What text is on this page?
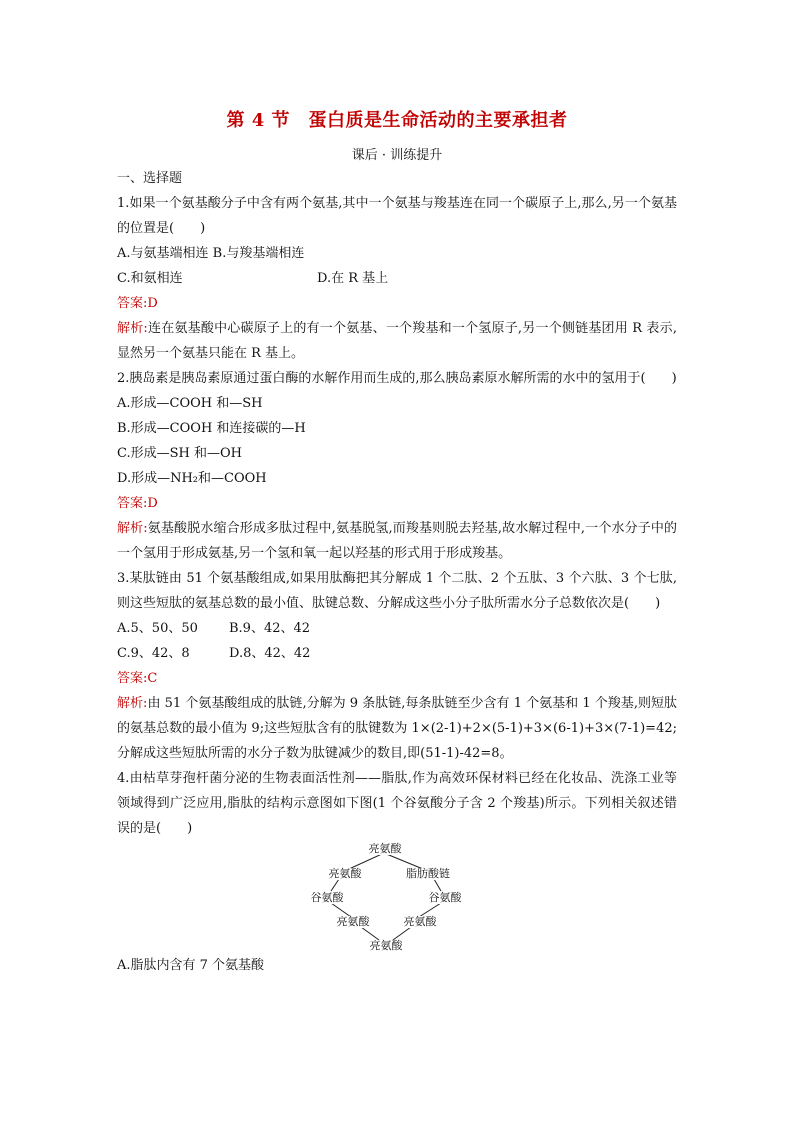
第 4 节　蛋白质是生命活动的主要承担者
课后 · 训练提升
一、选择题
1.如果一个氨基酸分子中含有两个氨基,其中一个氨基与羧基连在同一个碳原子上,那么,另一个氨基的位置是(　　)
A.与氨基端相连
B.与羧基端相连
C.和氨相连	D.在 R 基上
答案:D
解析:连在氨基酸中心碳原子上的有一个氨基、一个羧基和一个氢原子,另一个侧链基团用 R 表示,显然另一个氨基只能在 R 基上。
2.胰岛素是胰岛素原通过蛋白酶的水解作用而生成的,那么胰岛素原水解所需的水中的氢用于(　　)
A.形成—COOH 和—SH
B.形成—COOH 和连接碳的—H
C.形成—SH 和—OH
D.形成—NH₂和—COOH
答案:D
解析:氨基酸脱水缩合形成多肽过程中,氨基脱氢,而羧基则脱去羟基,故水解过程中,一个水分子中的一个氢用于形成氨基,另一个氢和氧一起以羟基的形式用于形成羧基。
3.某肽链由 51 个氨基酸组成,如果用肽酶把其分解成 1 个二肽、2 个五肽、3 个六肽、3 个七肽,则这些短肽的氨基总数的最小值、肽键总数、分解成这些小分子肽所需水分子总数依次是(　　)
A.5、50、50	B.9、42、42
C.9、42、8	D.8、42、42
答案:C
解析:由 51 个氨基酸组成的肽链,分解为 9 条肽链,每条肽链至少含有 1 个氨基和 1 个羧基,则短肽的氨基总数的最小值为 9;这些短肽含有的肽键数为 1×(2-1)+2×(5-1)+3×(6-1)+3×(7-1)=42;分解成这些短肽所需的水分子数为肽键减少的数目,即(51-1)-42=8。
4.由枯草芽孢杆菌分泌的生物表面活性剂——脂肽,作为高效环保材料已经在化妆品、洗涤工业等领域得到广泛应用,脂肽的结构示意图如下图(1 个谷氨酸分子含 2 个羧基)所示。下列相关叙述错误的是(　　)
亮氨酸
亮氨酸	脂肪酸链
谷氨酸	谷氨酸
亮氨酸	亮氨酸
亮氨酸
A.脂肽内含有 7 个氨基酸
